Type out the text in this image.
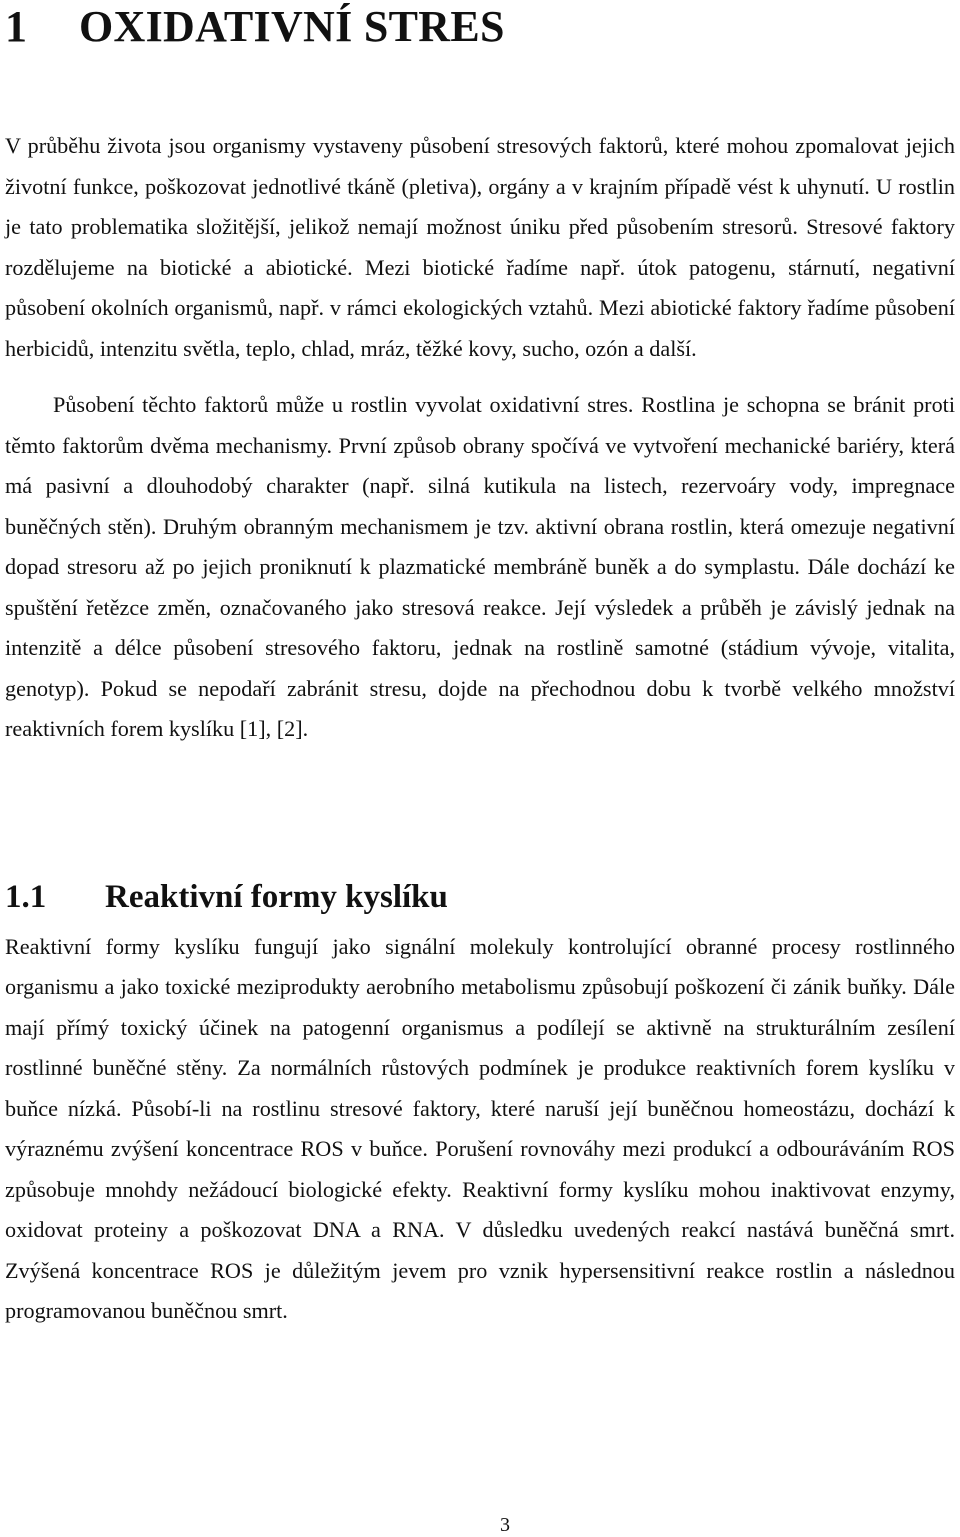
1 OXIDATIVNÍ STRES

V průběhu života jsou organismy vystaveny působení stresových faktorů, které mohou zpomalovat jejich životní funkce, poškozovat jednotlivé tkáně (pletiva), orgány a v krajním případě vést k uhynutí. U rostlin je tato problematika složitější, jelikož nemají možnost úniku před působením stresorů. Stresové faktory rozdělujeme na biotické a abiotické. Mezi biotické řadíme např. útok patogenu, stárnutí, negativní působení okolních organismů, např. v rámci ekologických vztahů. Mezi abiotické faktory řadíme působení herbicidů, intenzitu světla, teplo, chlad, mráz, těžké kovy, sucho, ozón a další.

Působení těchto faktorů může u rostlin vyvolat oxidativní stres. Rostlina je schopna se bránit proti těmto faktorům dvěma mechanismy. První způsob obrany spočívá ve vytvoření mechanické bariéry, která má pasivní a dlouhodobý charakter (např. silná kutikula na listech, rezervoáry vody, impregnace buněčných stěn). Druhým obranným mechanismem je tzv. aktivní obrana rostlin, která omezuje negativní dopad stresoru až po jejich proniknutí k plazmatické membráně buněk a do symplastu. Dále dochází ke spuštění řetězce změn, označovaného jako stresová reakce. Její výsledek a průběh je závislý jednak na intenzitě a délce působení stresového faktoru, jednak na rostlině samotné (stádium vývoje, vitalita, genotyp). Pokud se nepodaří zabránit stresu, dojde na přechodnou dobu k tvorbě velkého množství reaktivních forem kyslíku [1], [2].

1.1 Reaktivní formy kyslíku

Reaktivní formy kyslíku fungují jako signální molekuly kontrolující obranné procesy rostlinného organismu a jako toxické meziprodukty aerobního metabolismu způsobují poškození či zánik buňky. Dále mají přímý toxický účinek na patogenní organismus a podílejí se aktivně na strukturálním zesílení rostlinné buněčné stěny. Za normálních růstových podmínek je produkce reaktivních forem kyslíku v buňce nízká. Působí-li na rostlinu stresové faktory, které naruší její buněčnou homeostázu, dochází k výraznému zvýšení koncentrace ROS v buňce. Porušení rovnováhy mezi produkcí a odbouráváním ROS způsobuje mnohdy nežádoucí biologické efekty. Reaktivní formy kyslíku mohou inaktivovat enzymy, oxidovat proteiny a poškozovat DNA a RNA. V důsledku uvedených reakcí nastává buněčná smrt. Zvýšená koncentrace ROS je důležitým jevem pro vznik hypersensitivní reakce rostlin a následnou programovanou buněčnou smrt.

3
